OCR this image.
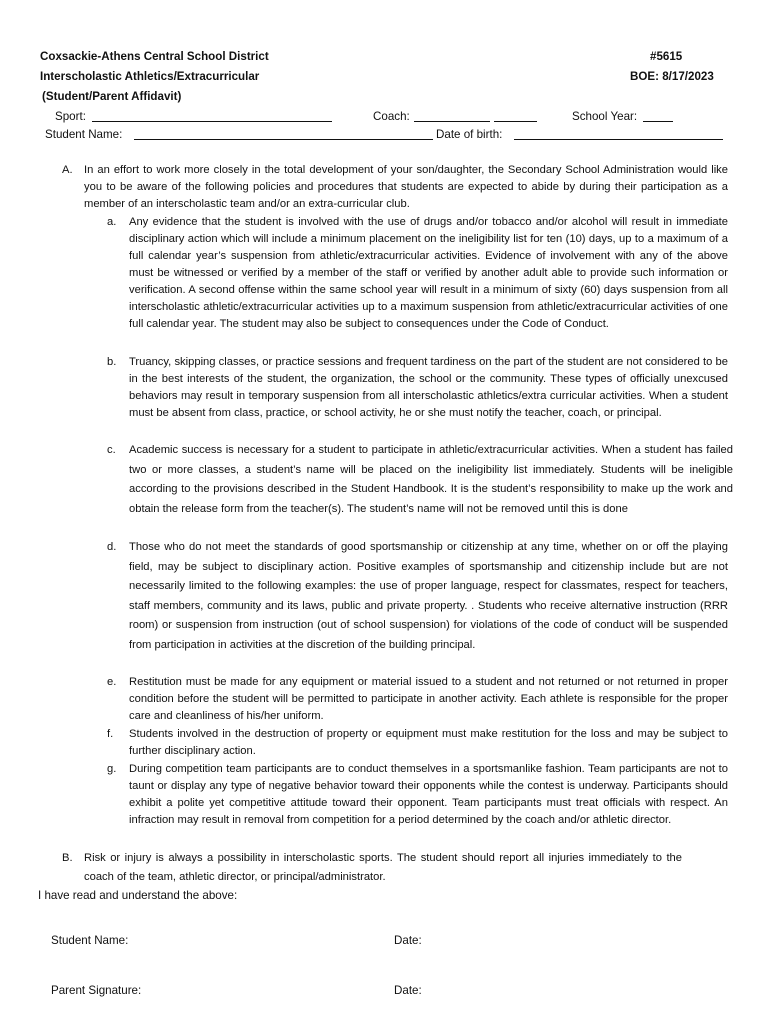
Coxsackie-Athens Central School District
Interscholastic Athletics/Extracurricular
(Student/Parent Affidavit)
#5615
BOE: 8/17/2023
Sport:	Coach:	School Year:
Student Name:	Date of birth:
A. In an effort to work more closely in the total development of your son/daughter, the Secondary School Administration would like you to be aware of the following policies and procedures that students are expected to abide by during their participation as a member of an interscholastic team and/or an extra-curricular club.
a. Any evidence that the student is involved with the use of drugs and/or tobacco and/or alcohol will result in immediate disciplinary action which will include a minimum placement on the ineligibility list for ten (10) days, up to a maximum of a full calendar year’s suspension from athletic/extracurricular activities. Evidence of involvement with any of the above must be witnessed or verified by a member of the staff or verified by another adult able to provide such information or verification. A second offense within the same school year will result in a minimum of sixty (60) days suspension from all interscholastic athletic/extracurricular activities up to a maximum suspension from athletic/extracurricular activities of one full calendar year. The student may also be subject to consequences under the Code of Conduct.
b. Truancy, skipping classes, or practice sessions and frequent tardiness on the part of the student are not considered to be in the best interests of the student, the organization, the school or the community. These types of officially unexcused behaviors may result in temporary suspension from all interscholastic athletics/extra curricular activities. When a student must be absent from class, practice, or school activity, he or she must notify the teacher, coach, or principal.
c. Academic success is necessary for a student to participate in athletic/extracurricular activities. When a student has failed two or more classes, a student’s name will be placed on the ineligibility list immediately. Students will be ineligible according to the provisions described in the Student Handbook. It is the student’s responsibility to make up the work and obtain the release form from the teacher(s). The student’s name will not be removed until this is done
d. Those who do not meet the standards of good sportsmanship or citizenship at any time, whether on or off the playing field, may be subject to disciplinary action. Positive examples of sportsmanship and citizenship include but are not necessarily limited to the following examples: the use of proper language, respect for classmates, respect for teachers, staff members, community and its laws, public and private property. . Students who receive alternative instruction (RRR room) or suspension from instruction (out of school suspension) for violations of the code of conduct will be suspended from participation in activities at the discretion of the building principal.
e. Restitution must be made for any equipment or material issued to a student and not returned or not returned in proper condition before the student will be permitted to participate in another activity. Each athlete is responsible for the proper care and cleanliness of his/her uniform.
f. Students involved in the destruction of property or equipment must make restitution for the loss and may be subject to further disciplinary action.
g. During competition team participants are to conduct themselves in a sportsmanlike fashion. Team participants are not to taunt or display any type of negative behavior toward their opponents while the contest is underway. Participants should exhibit a polite yet competitive attitude toward their opponent. Team participants must treat officials with respect. An infraction may result in removal from competition for a period determined by the coach and/or athletic director.
B. Risk or injury is always a possibility in interscholastic sports. The student should report all injuries immediately to the coach of the team, athletic director, or principal/administrator.
I have read and understand the above:
Student Name:	Date:
Parent Signature:	Date:
